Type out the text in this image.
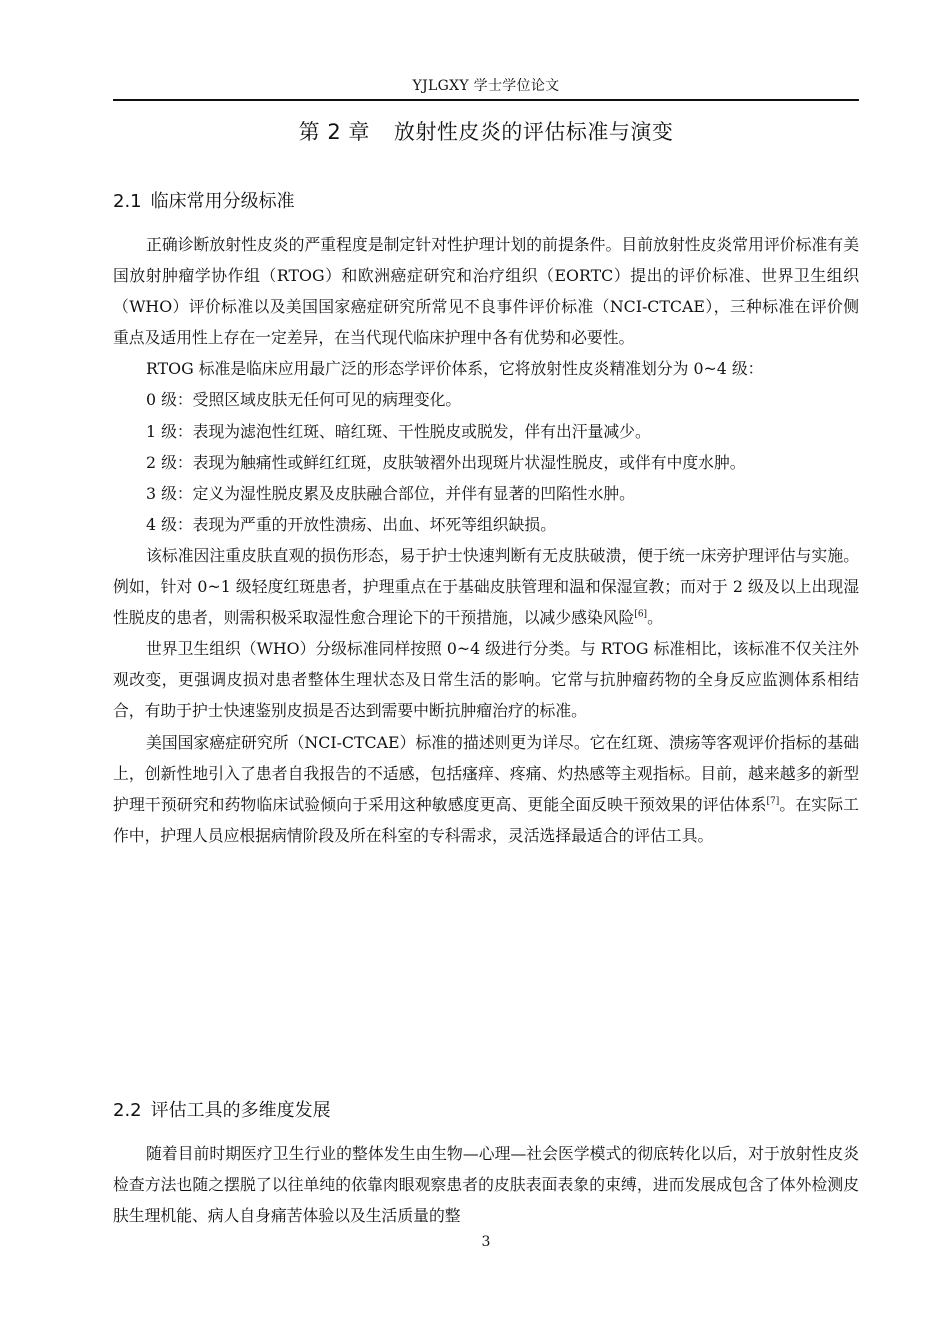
YJLGXY 学士学位论文
第 2 章 放射性皮炎的评估标准与演变
2.1 临床常用分级标准

正确诊断放射性皮炎的严重程度是制定针对性护理计划的前提条件。目前放射性皮炎常用评价标准有美国放射肿瘤学协作组（RTOG）和欧洲癌症研究和治疗组织（EORTC）提出的评价标准、世界卫生组织（WHO）评价标准以及美国国家癌症研究所常见不良事件评价标准（NCI-CTCAE），三种标准在评价侧重点及适用性上存在一定差异，在当代现代临床护理中各有优势和必要性。

RTOG 标准是临床应用最广泛的形态学评价体系，它将放射性皮炎精准划分为 0~4 级：

0 级：受照区域皮肤无任何可见的病理变化。

1 级：表现为滤泡性红斑、暗红斑、干性脱皮或脱发，伴有出汗量减少。

2 级：表现为触痛性或鲜红红斑，皮肤皱褶外出现斑片状湿性脱皮，或伴有中度水肿。

3 级：定义为湿性脱皮累及皮肤融合部位，并伴有显著的凹陷性水肿。

4 级：表现为严重的开放性溃疡、出血、坏死等组织缺损。

该标准因注重皮肤直观的损伤形态，易于护士快速判断有无皮肤破溃，便于统一床旁护理评估与实施。例如，针对 0~1 级轻度红斑患者，护理重点在于基础皮肤管理和温和保湿宣教；而对于 2 级及以上出现湿性脱皮的患者，则需积极采取湿性愈合理论下的干预措施，以减少感染风险[6]。

世界卫生组织（WHO）分级标准同样按照 0~4 级进行分类。与 RTOG 标准相比，该标准不仅关注外观改变，更强调皮损对患者整体生理状态及日常生活的影响。它常与抗肿瘤药物的全身反应监测体系相结合，有助于护士快速鉴别皮损是否达到需要中断抗肿瘤治疗的标准。

美国国家癌症研究所（NCI-CTCAE）标准的描述则更为详尽。它在红斑、溃疡等客观评价指标的基础上，创新性地引入了患者自我报告的不适感，包括瘙痒、疼痛、灼热感等主观指标。目前，越来越多的新型护理干预研究和药物临床试验倾向于采用这种敏感度更高、更能全面反映干预效果的评估体系[7]。在实际工作中，护理人员应根据病情阶段及所在科室的专科需求，灵活选择最适合的评估工具。

2.2 评估工具的多维度发展

随着目前时期医疗卫生行业的整体发生由生物—心理—社会医学模式的彻底转化以后，对于放射性皮炎检查方法也随之摆脱了以往单纯的依靠肉眼观察患者的皮肤表面表象的束缚，进而发展成包含了体外检测皮肤生理机能、病人自身痛苦体验以及生活质量的整

3
